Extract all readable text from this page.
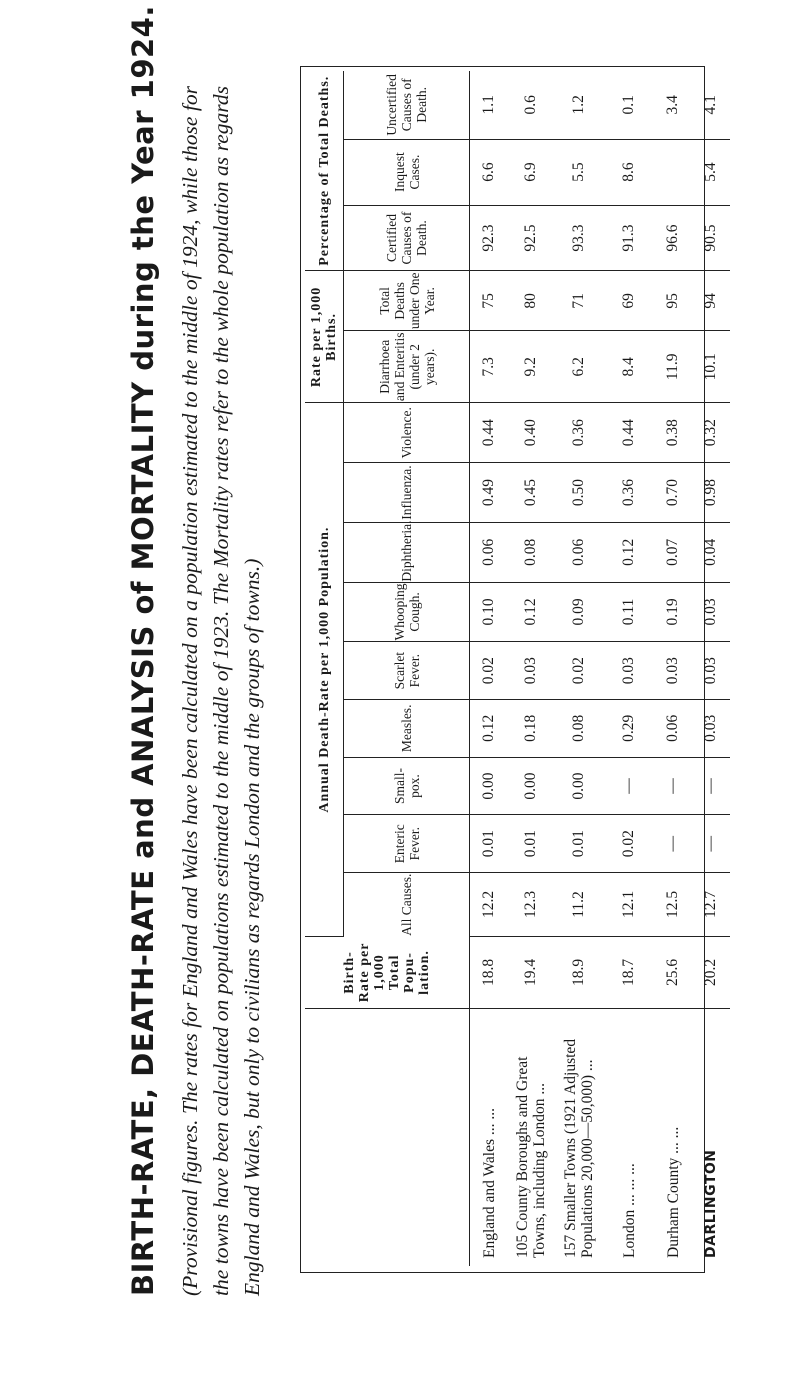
BIRTH-RATE, DEATH-RATE and ANALYSIS of MORTALITY during the Year 1924. (Provisional figures. The rates for England and Wales have been calculated on a population estimated to the middle of 1924, while those for the towns have been calculated on populations estimated to the middle of 1923. The Mortality rates refer to the whole population as regards England and Wales, but only to civilians as regards London and the groups of towns.)
		Birth-Rate per 1,000 Total Popu-lation.	Annual Death-Rate per 1,000 Population.									Rate per 1,000 Births.		Percentage of Total Deaths.		
		All Causes.	Enteric Fever.	Small-pox.	Measles.	Scarlet Fever.	Whooping Cough.	Diphtheria.	Influenza.	Violence.	Diarrhoea and Enteritis (under 2 years).	Total Deaths under One Year.	Certified Causes of Death.	Inquest Cases.	Uncertified Causes of Death.
England and Wales ... ...	18.8	12.2	0.01	0.00	0.12	0.02	0.10	0.06	0.49	0.44	7.3	75	92.3	6.6	1.1
105 County Boroughs and Great Towns, including London ...	19.4	12.3	0.01	0.00	0.18	0.03	0.12	0.08	0.45	0.40	9.2	80	92.5	6.9	0.6
157 Smaller Towns (1921 Adjusted Populations 20,000—50,000) ...	18.9	11.2	0.01	0.00	0.08	0.02	0.09	0.06	0.50	0.36	6.2	71	93.3	5.5	1.2
London ... ... ...	18.7	12.1	0.02	—	0.29	0.03	0.11	0.12	0.36	0.44	8.4	69	91.3	8.6	0.1
Durham County ... ...	25.6	12.5	—	—	0.06	0.03	0.19	0.07	0.70	0.38	11.9	95	96.6		3.4
DARLINGTON	20.2	12.7	—	—	0.03	0.03	0.03	0.04	0.98	0.32	10.1	94	90.5	5.4	4.1
